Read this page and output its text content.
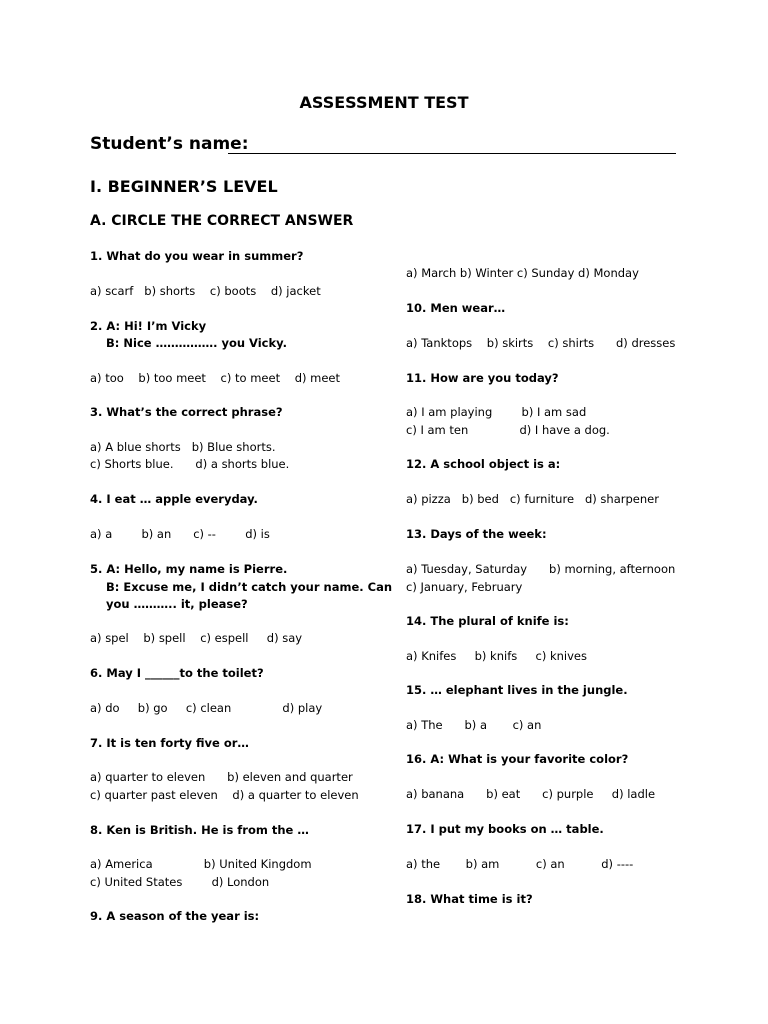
ASSESSMENT TEST
Student’s name:
I. BEGINNER’S LEVEL
A. CIRCLE THE CORRECT ANSWER
1. What do you wear in summer?
a) scarf   b) shorts    c) boots    d) jacket
2. A: Hi! I’m Vicky
B: Nice ……………. you Vicky.
a) too    b) too meet    c) to meet    d) meet
3. What’s the correct phrase?
a) A blue shorts   b) Blue shorts.
c) Shorts blue.      d) a shorts blue.
4. I eat … apple everyday.
a) a        b) an      c) --        d) is
5. A: Hello, my name is Pierre.
B: Excuse me, I didn’t catch your name. Can
you ……….. it, please?
a) spel    b) spell    c) espell     d) say
6. May I ______to the toilet?
a) do     b) go     c) clean              d) play
7. It is ten forty five or…
a) quarter to eleven      b) eleven and quarter
c) quarter past eleven    d) a quarter to eleven
8. Ken is British. He is from the …
a) America              b) United Kingdom
c) United States        d) London
9. A season of the year is:
a) March b) Winter c) Sunday d) Monday
10. Men wear…
a) Tanktops    b) skirts    c) shirts      d) dresses
11. How are you today?
a) I am playing        b) I am sad
c) I am ten              d) I have a dog.
12. A school object is a:
a) pizza   b) bed   c) furniture   d) sharpener
13. Days of the week:
a) Tuesday, Saturday      b) morning, afternoon
c) January, February
14. The plural of knife is:
a) Knifes     b) knifs     c) knives
15. … elephant lives in the jungle.
a) The      b) a       c) an
16. A: What is your favorite color?
a) banana      b) eat      c) purple     d) ladle
17. I put my books on … table.
a) the       b) am          c) an          d) ----
18. What time is it?
